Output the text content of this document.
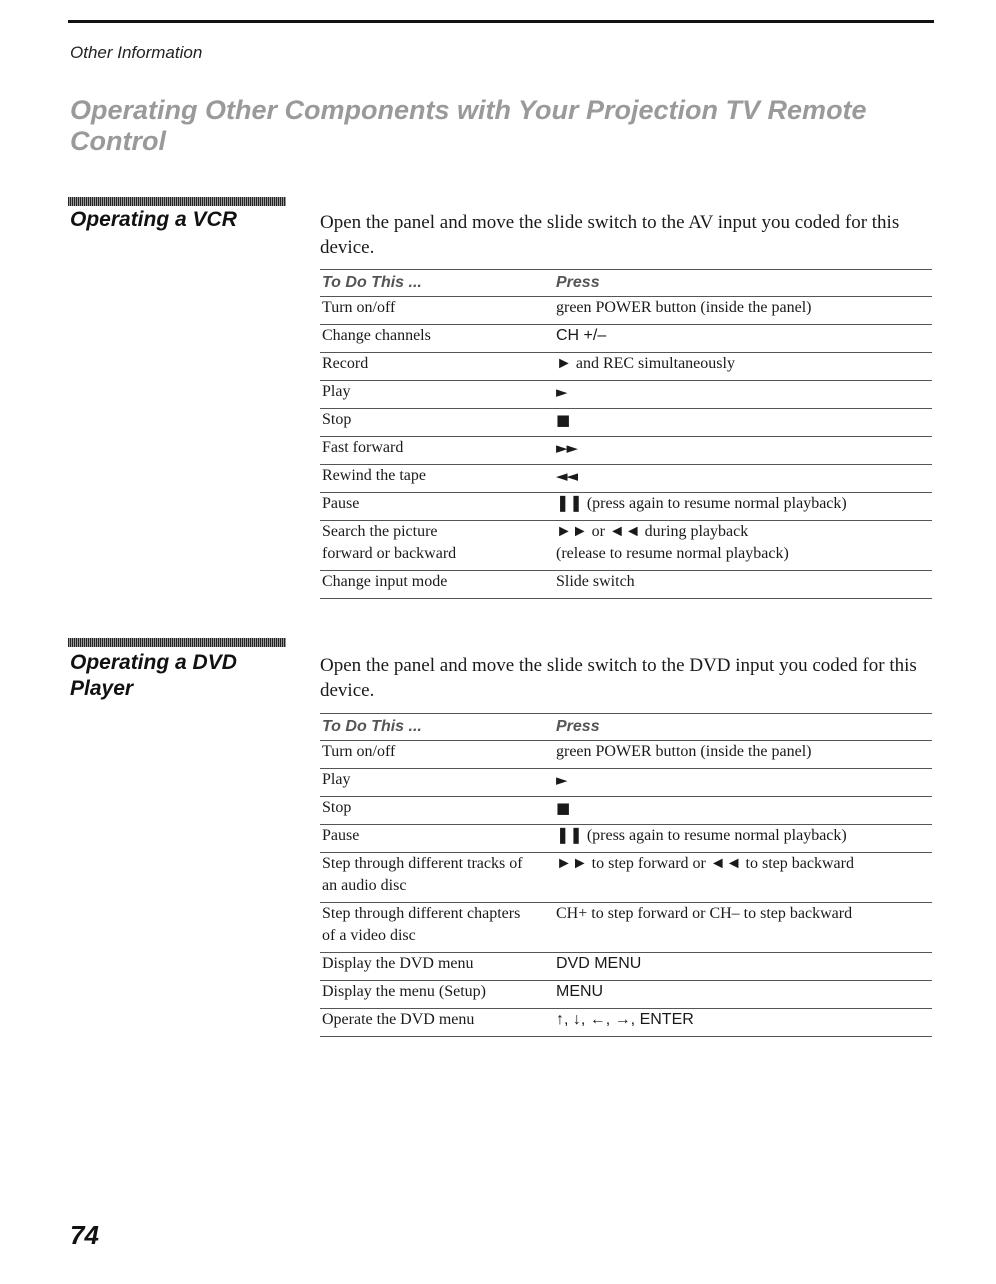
Other Information
Operating Other Components with Your Projection TV Remote Control
Operating a VCR	Open the panel and move the slide switch to the AV input you coded for this device.
To Do This ...	Press
Turn on/off	green POWER button (inside the panel)
Change channels	CH +/–
Record	► and REC simultaneously
Play	►
Stop	■
Fast forward	►►
Rewind the tape	◄◄
Pause	❚❚ (press again to resume normal playback)

Search the picture
forward or backward	►► or ◄◄ during playback
(release to resume normal playback)

Change input mode	Slide switch
Operating a DVD
Player
Open the panel and move the slide switch to the DVD input you coded for this device.
To Do This ...	Press
Turn on/off	green POWER button (inside the panel)
Play	►
Stop	■
Pause	❚❚ (press again to resume normal playback)

Step through different tracks of
an audio disc	►► to step forward or ◄◄ to step backward

Step through different chapters
of a video disc	CH+ to step forward or CH– to step backward
Display the DVD menu	DVD MENU
Display the menu (Setup)	MENU
Operate the DVD menu	↑, ↓, ←, →, ENTER
74
